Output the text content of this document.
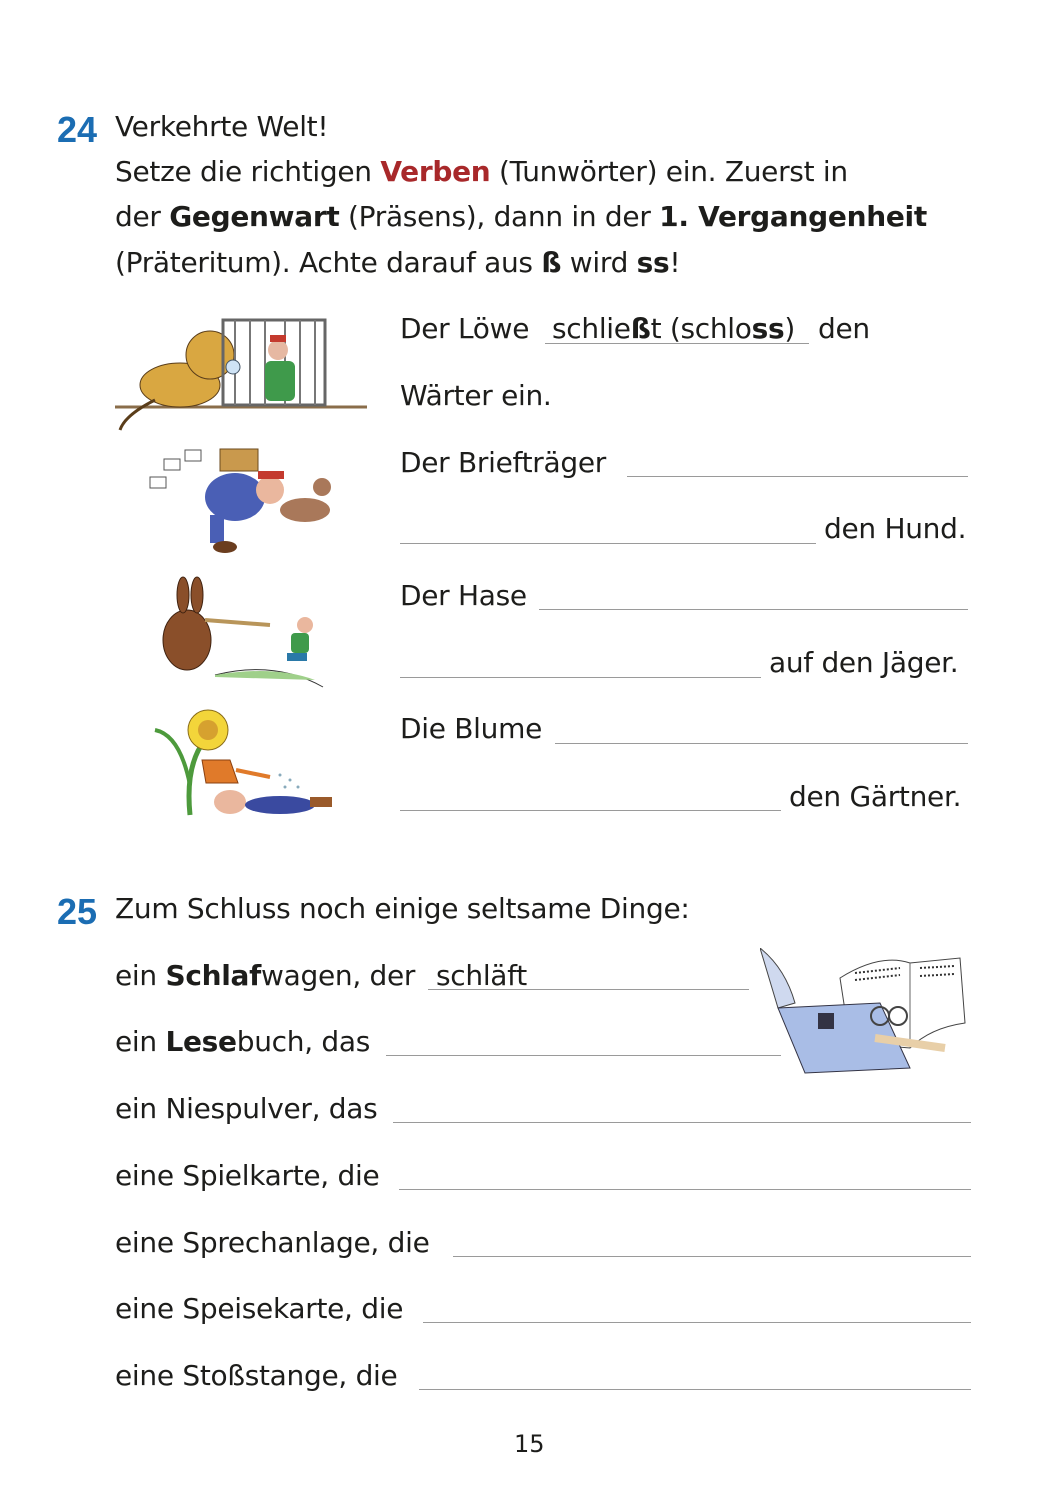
24 Verkehrte Welt!
Setze die richtigen Verben (Tunwörter) ein. Zuerst in
der Gegenwart (Präsens), dann in der 1. Vergangenheit
(Präteritum). Achte darauf aus ß wird ss!
Der Löwe schließt (schloss) den
Wärter ein.
Der Briefträger
den Hund.
Der Hase
auf den Jäger.
Die Blume
den Gärtner.
25 Zum Schluss noch einige seltsame Dinge:
ein Schlafwagen, der schläft
ein Lesebuch, das
ein Niespulver, das
eine Spielkarte, die
eine Sprechanlage, die
eine Speisekarte, die
eine Stoßstange, die
15
